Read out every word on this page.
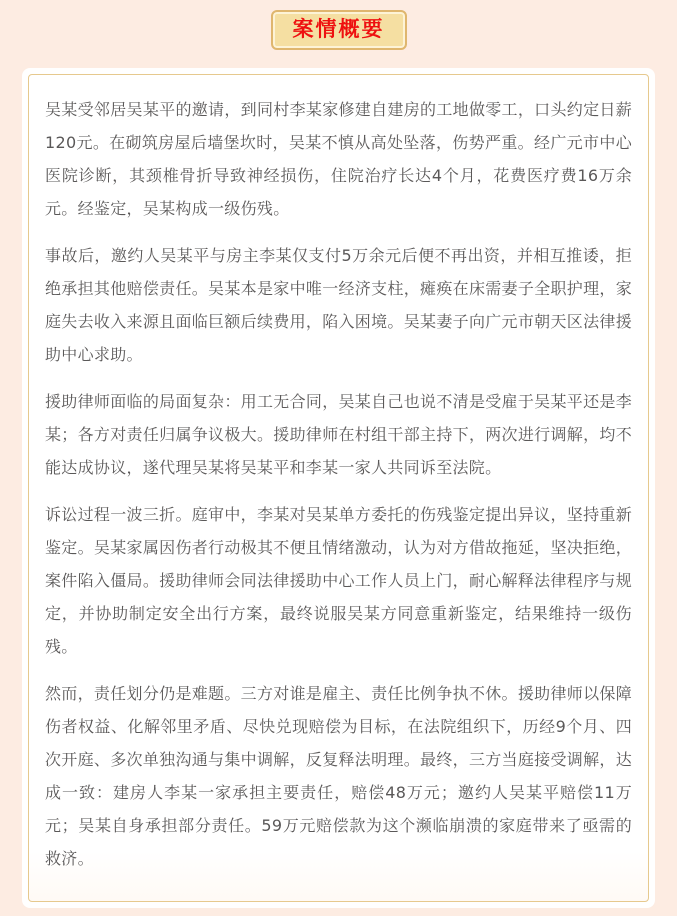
案情概要

吴某受邻居吴某平的邀请，到同村李某家修建自建房的工地做零工，口头约定日薪120元。在砌筑房屋后墙堡坎时，吴某不慎从高处坠落，伤势严重。经广元市中心医院诊断，其颈椎骨折导致神经损伤，住院治疗长达4个月，花费医疗费16万余元。经鉴定，吴某构成一级伤残。

事故后，邀约人吴某平与房主李某仅支付5万余元后便不再出资，并相互推诿，拒绝承担其他赔偿责任。吴某本是家中唯一经济支柱，瘫痪在床需妻子全职护理，家庭失去收入来源且面临巨额后续费用，陷入困境。吴某妻子向广元市朝天区法律援助中心求助。

援助律师面临的局面复杂：用工无合同，吴某自己也说不清是受雇于吴某平还是李某；各方对责任归属争议极大。援助律师在村组干部主持下，两次进行调解，均不能达成协议，遂代理吴某将吴某平和李某一家人共同诉至法院。

诉讼过程一波三折。庭审中，李某对吴某单方委托的伤残鉴定提出异议，坚持重新鉴定。吴某家属因伤者行动极其不便且情绪激动，认为对方借故拖延，坚决拒绝，案件陷入僵局。援助律师会同法律援助中心工作人员上门，耐心解释法律程序与规定，并协助制定安全出行方案，最终说服吴某方同意重新鉴定，结果维持一级伤残。

然而，责任划分仍是难题。三方对谁是雇主、责任比例争执不休。援助律师以保障伤者权益、化解邻里矛盾、尽快兑现赔偿为目标，在法院组织下，历经9个月、四次开庭、多次单独沟通与集中调解，反复释法明理。最终，三方当庭接受调解，达成一致：建房人李某一家承担主要责任，赔偿48万元；邀约人吴某平赔偿11万元；吴某自身承担部分责任。59万元赔偿款为这个濒临崩溃的家庭带来了亟需的救济。
